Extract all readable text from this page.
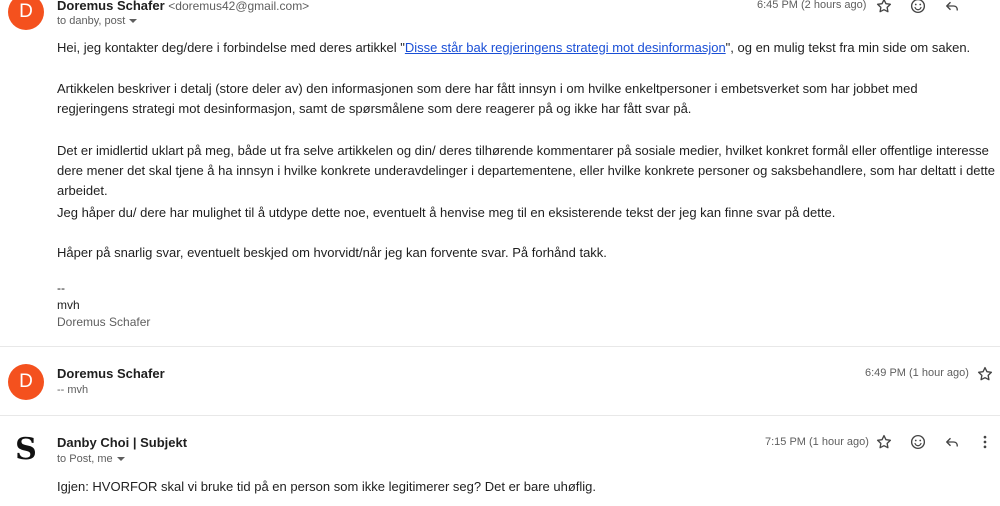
D	Doremus Schafer <doremus42@gmail.com>
to danby, post
6:45 PM (2 hours ago)

Hei, jeg kontakter deg/dere i forbindelse med deres artikkel "Disse står bak regjeringens strategi mot desinformasjon", og en mulig tekst fra min side om saken.

Artikkelen beskriver i detalj (store deler av) den informasjonen som dere har fått innsyn i om hvilke enkeltpersoner i embetsverket som har jobbet med regjeringens strategi mot desinformasjon, samt de spørsmålene som dere reagerer på og ikke har fått svar på.
Det er imidlertid uklart på meg, både ut fra selve artikkelen og din/ deres tilhørende kommentarer på sosiale medier, hvilket konkret formål eller offentlige interesse dere mener det skal tjene å ha innsyn i hvilke konkrete underavdelinger i departementene, eller hvilke konkrete personer og saksbehandlere, som har deltatt i dette arbeidet.
Jeg håper du/ dere har mulighet til å utdype dette noe, eventuelt å henvise meg til en eksisterende tekst der jeg kan finne svar på dette.
Håper på snarlig svar, eventuelt beskjed om hvorvidt/når jeg kan forvente svar. På forhånd takk.
--
mvh
Doremus Schafer
D	Doremus Schafer
-- mvh
6:49 PM (1 hour ago)
S	Danby Choi | Subjekt
to Post, me
7:15 PM (1 hour ago)
Igjen: HVORFOR skal vi bruke tid på en person som ikke legitimerer seg? Det er bare uhøflig.
